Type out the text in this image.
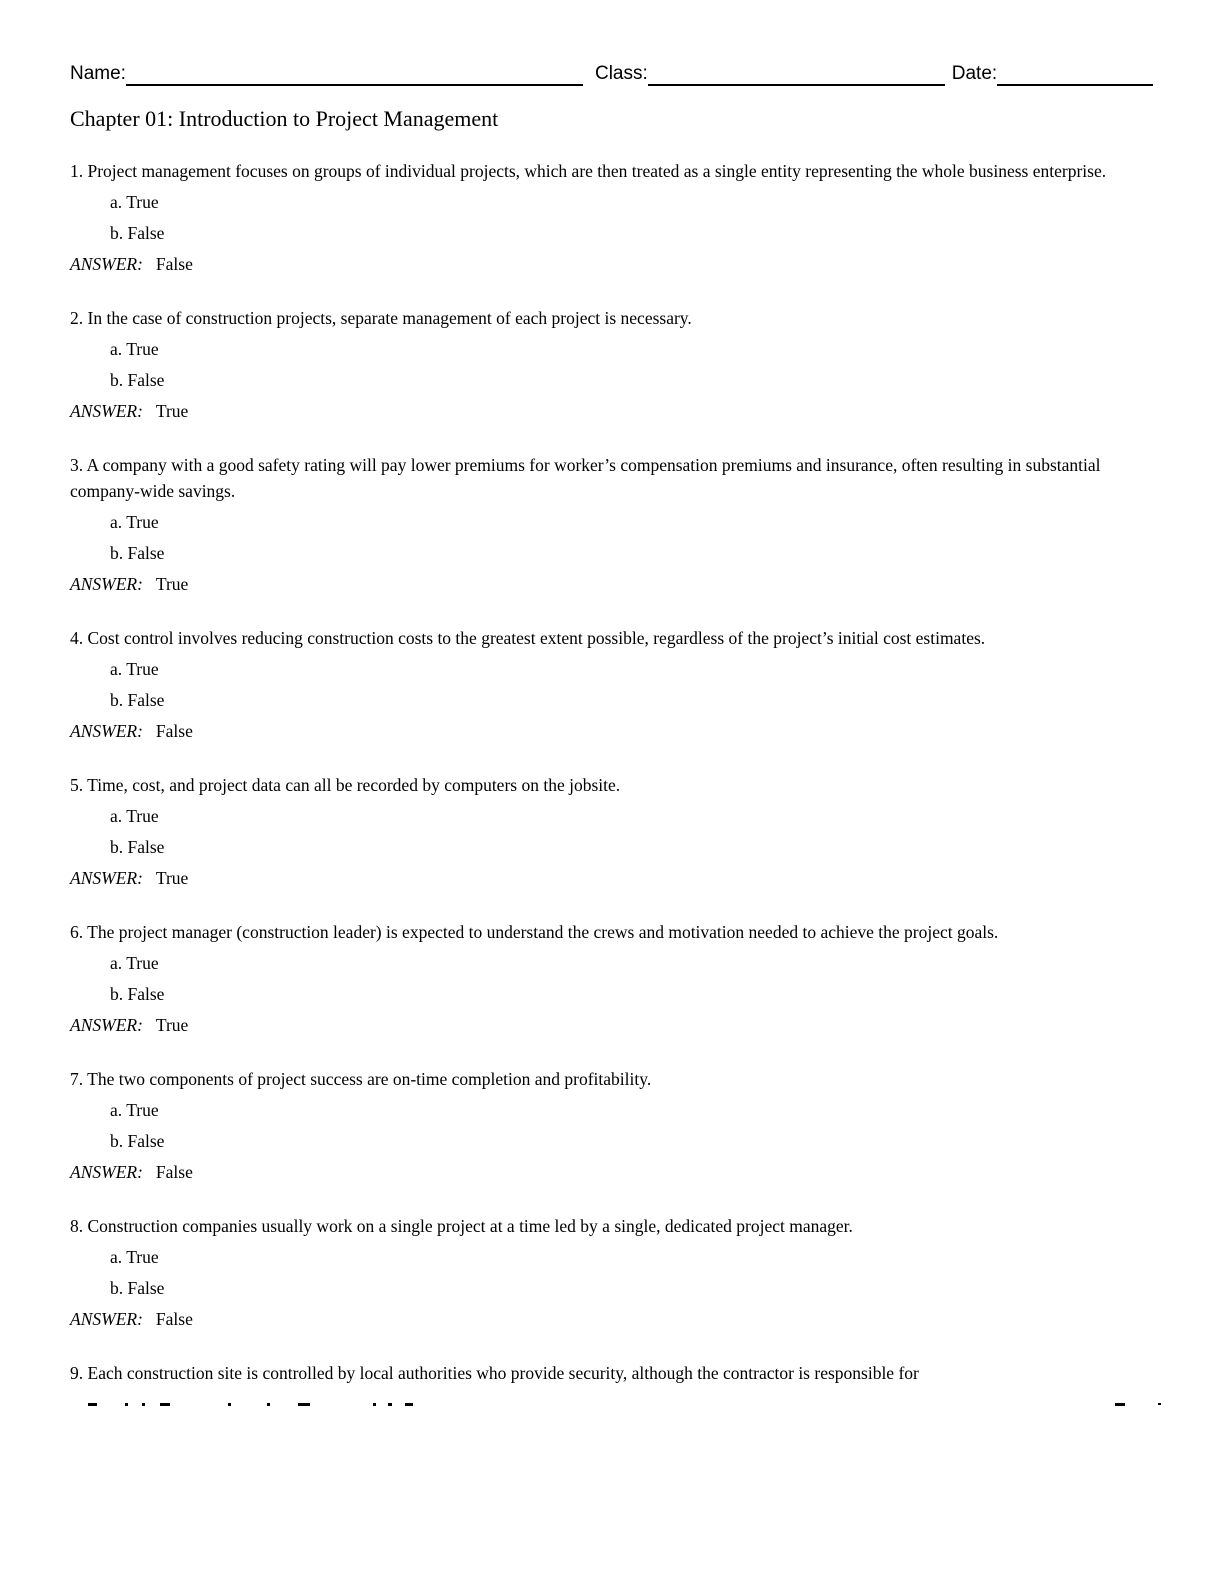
Name:	Class:	Date:
Chapter 01: Introduction to Project Management

1. Project management focuses on groups of individual projects, which are then treated as a single entity representing the whole business enterprise.

a. True

b. False

ANSWER: False

2. In the case of construction projects, separate management of each project is necessary.

a. True

b. False

ANSWER: True

3. A company with a good safety rating will pay lower premiums for worker’s compensation premiums and insurance, often resulting in substantial company-wide savings.

a. True

b. False

ANSWER: True

4. Cost control involves reducing construction costs to the greatest extent possible, regardless of the project’s initial cost estimates.

a. True

b. False

ANSWER: False

5. Time, cost, and project data can all be recorded by computers on the jobsite.

a. True

b. False

ANSWER: True

6. The project manager (construction leader) is expected to understand the crews and motivation needed to achieve the project goals.

a. True

b. False

ANSWER: True

7. The two components of project success are on-time completion and profitability.

a. True

b. False

ANSWER: False

8. Construction companies usually work on a single project at a time led by a single, dedicated project manager.

a. True

b. False

ANSWER: False

9. Each construction site is controlled by local authorities who provide security, although the contractor is responsible for
